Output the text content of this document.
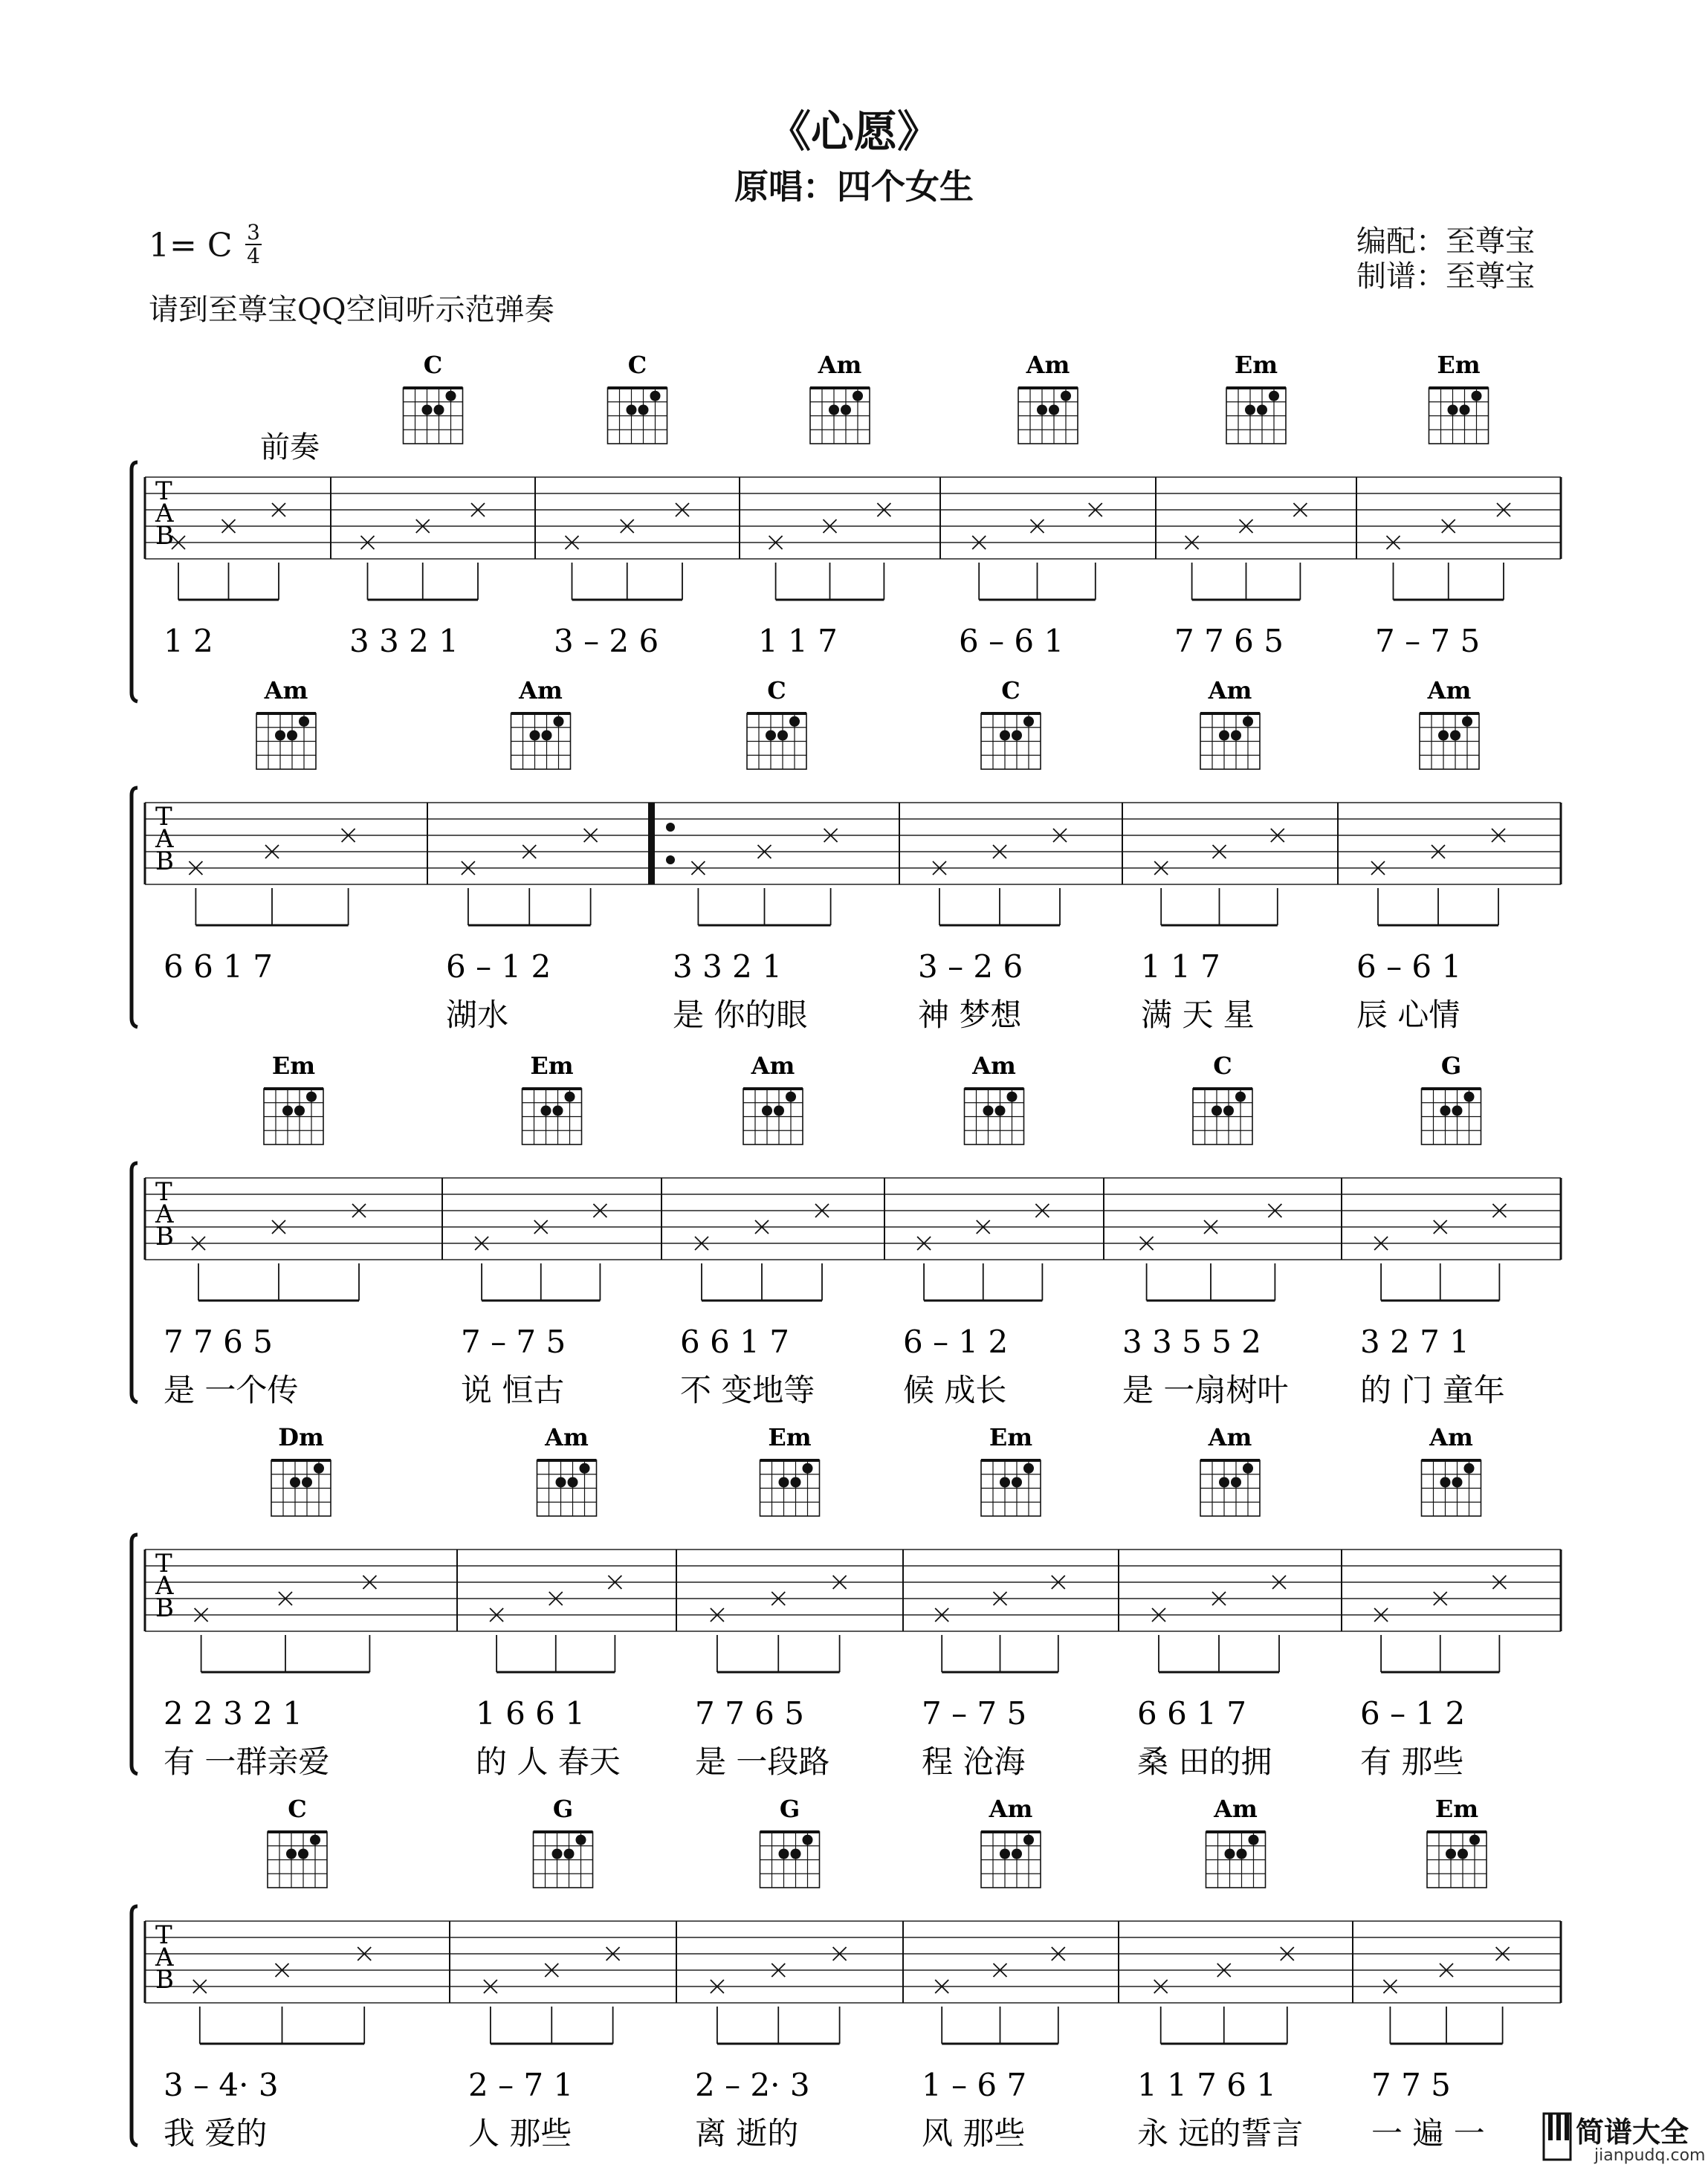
《心愿》
原唱：四个女生
1= C 3
4
请到至尊宝QQ空间听示范弹奏
编配：至尊宝
制谱：至尊宝
T
A
B
前奏
1 2
C
3 3 2 1
C
3 – 2 6
Am
1 1 7
Am
6 – 6 1
Em
7 7 6 5
Em
7 – 7 5
T
A
B
Am
6 6 1 7
Am
6 – 1 2
湖水
C
3 3 2 1
是 你的眼
C
3 – 2 6
神 梦想
Am
1 1 7
满 天 星
Am
6 – 6 1
辰 心情
T
A
B
Em
7 7 6 5
是 一个传
Em
7 – 7 5
说 恒古
Am
6 6 1 7
不 变地等
Am
6 – 1 2
候 成长
C
3 3 5 5 2
是 一扇树叶
G
3 2 7 1
的 门 童年
T
A
B
Dm
2 2 3 2 1
有 一群亲爱
Am
1 6 6 1
的 人 春天
Em
7 7 6 5
是 一段路
Em
7 – 7 5
程 沧海
Am
6 6 1 7
桑 田的拥
Am
6 – 1 2
有 那些
T
A
B
C
3 – 4· 3
我 爱的
G
2 – 7 1
人 那些
G
2 – 2· 3
离 逝的
Am
1 – 6 7
风 那些
Am
1 1 7 6 1
永 远的誓言
Em
7 7 5
一 遍 一	简谱大全
jianpudq.com
